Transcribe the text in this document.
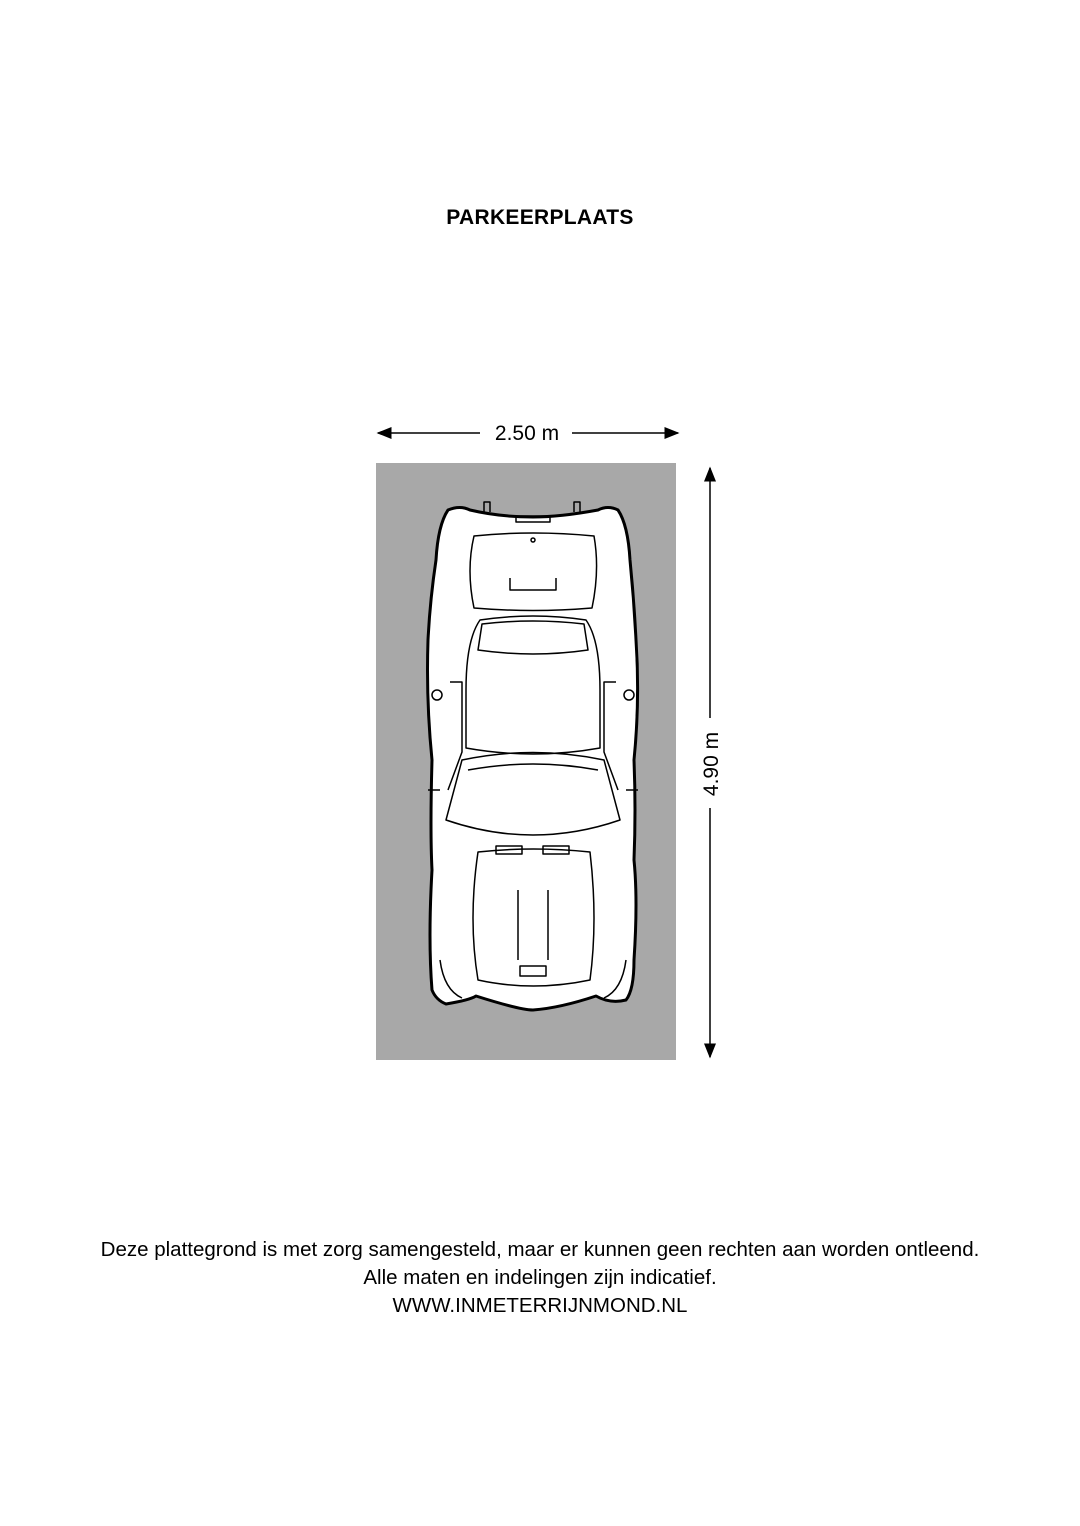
PARKEERPLAATS
2.50 m
4.90 m
Deze plattegrond is met zorg samengesteld, maar er kunnen geen rechten aan worden ontleend.
Alle maten en indelingen zijn indicatief.
WWW.INMETERRIJNMOND.NL
